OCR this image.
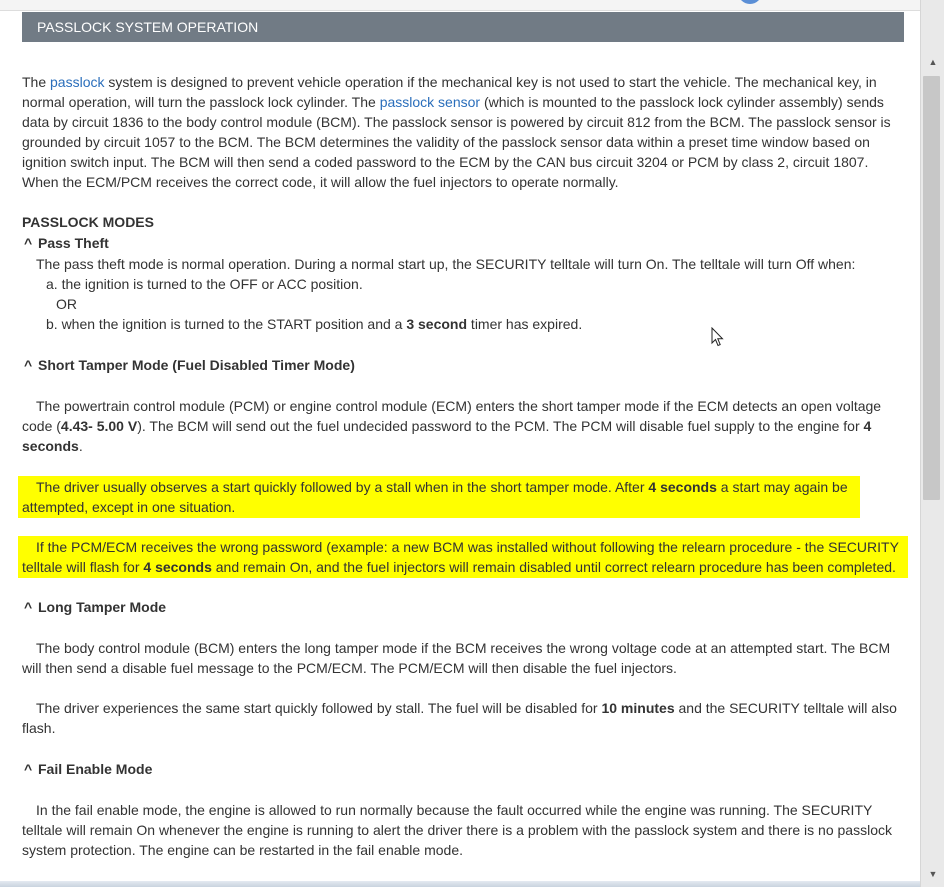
PASSLOCK SYSTEM OPERATION

The passlock system is designed to prevent vehicle operation if the mechanical key is not used to start the vehicle. The mechanical key, in normal operation, will turn the passlock lock cylinder. The passlock sensor (which is mounted to the passlock lock cylinder assembly) sends data by circuit 1836 to the body control module (BCM). The passlock sensor is powered by circuit 812 from the BCM. The passlock sensor is grounded by circuit 1057 to the BCM. The BCM determines the validity of the passlock sensor data within a preset time window based on ignition switch input. The BCM will then send a coded password to the ECM by the CAN bus circuit 3204 or PCM by class 2, circuit 1807. When the ECM/PCM receives the correct code, it will allow the fuel injectors to operate normally.

PASSLOCK MODES
^ Pass Theft

The pass theft mode is normal operation. During a normal start up, the SECURITY telltale will turn On. The telltale will turn Off when:

a. the ignition is turned to the OFF or ACC position.

OR

b. when the ignition is turned to the START position and a 3 second timer has expired.

^ Short Tamper Mode (Fuel Disabled Timer Mode)

The powertrain control module (PCM) or engine control module (ECM) enters the short tamper mode if the ECM detects an open voltage code (4.43- 5.00 V). The BCM will send out the fuel undecided password to the PCM. The PCM will disable fuel supply to the engine for 4 seconds.

The driver usually observes a start quickly followed by a stall when in the short tamper mode. After 4 seconds a start may again be attempted, except in one situation.

If the PCM/ECM receives the wrong password (example: a new BCM was installed without following the relearn procedure - the SECURITY telltale will flash for 4 seconds and remain On, and the fuel injectors will remain disabled until correct relearn procedure has been completed.

^ Long Tamper Mode

The body control module (BCM) enters the long tamper mode if the BCM receives the wrong voltage code at an attempted start. The BCM will then send a disable fuel message to the PCM/ECM. The PCM/ECM will then disable the fuel injectors.

The driver experiences the same start quickly followed by stall. The fuel will be disabled for 10 minutes and the SECURITY telltale will also flash.

^ Fail Enable Mode

In the fail enable mode, the engine is allowed to run normally because the fault occurred while the engine was running. The SECURITY telltale will remain On whenever the engine is running to alert the driver there is a problem with the passlock system and there is no passlock system protection. The engine can be restarted in the fail enable mode.

▲
▼
